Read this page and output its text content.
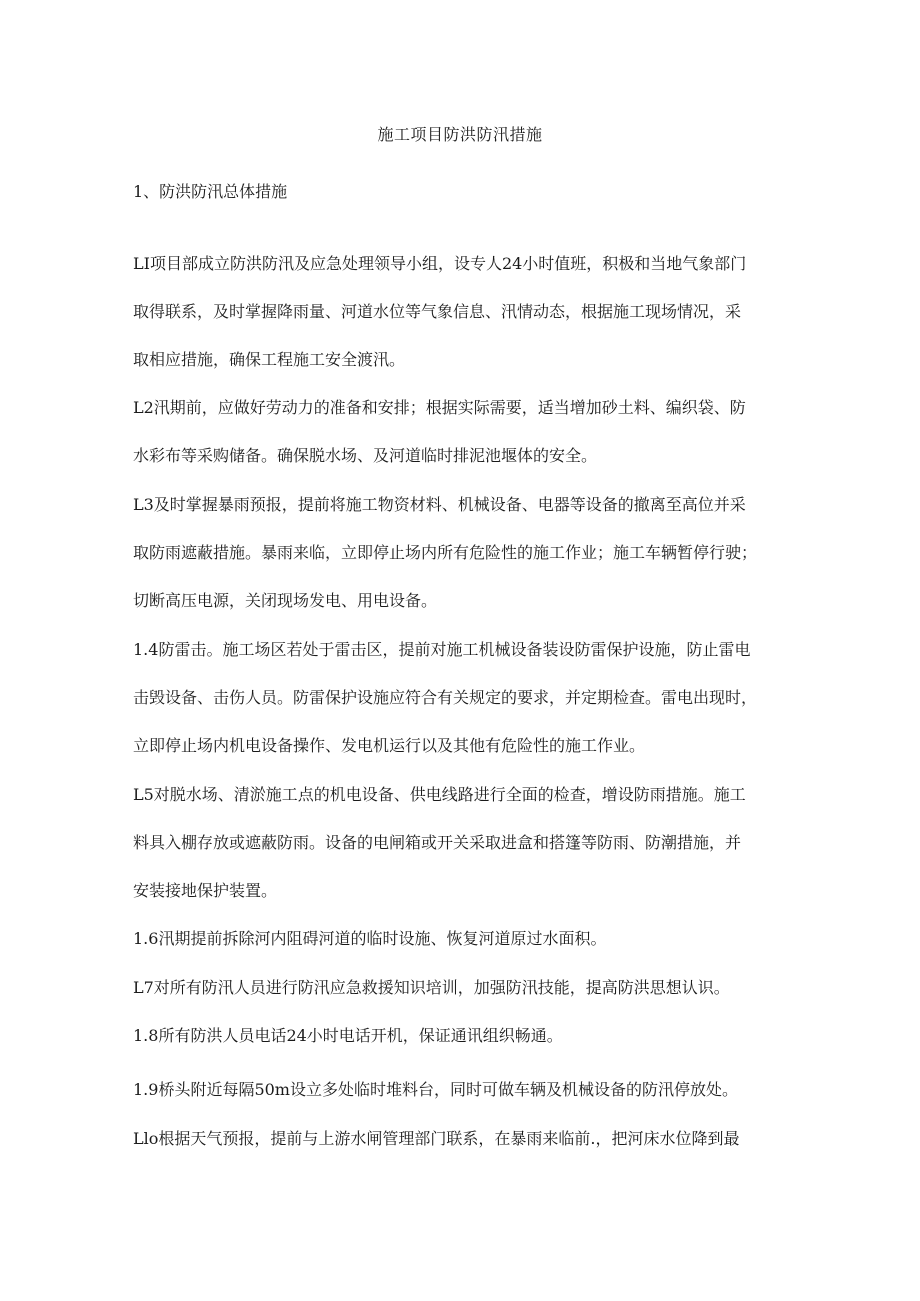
施工项目防洪防汛措施
1、防洪防汛总体措施

LI项目部成立防洪防汛及应急处理领导小组，设专人24小时值班，积极和当地气象部门
取得联系，及时掌握降雨量、河道水位等气象信息、汛情动态，根据施工现场情况，采
取相应措施，确保工程施工安全渡汛。

L2汛期前，应做好劳动力的准备和安排；根据实际需要，适当增加砂土料、编织袋、防
水彩布等采购储备。确保脱水场、及河道临时排泥池堰体的安全。

L3及时掌握暴雨预报，提前将施工物资材料、机械设备、电器等设备的撤离至高位并采
取防雨遮蔽措施。暴雨来临，立即停止场内所有危险性的施工作业；施工车辆暂停行驶；
切断高压电源，关闭现场发电、用电设备。

1.4防雷击。施工场区若处于雷击区，提前对施工机械设备装设防雷保护设施，防止雷电
击毁设备、击伤人员。防雷保护设施应符合有关规定的要求，并定期检查。雷电出现时，
立即停止场内机电设备操作、发电机运行以及其他有危险性的施工作业。

L5对脱水场、清淤施工点的机电设备、供电线路进行全面的检查，增设防雨措施。施工
料具入棚存放或遮蔽防雨。设备的电闸箱或开关采取进盒和搭篷等防雨、防潮措施，并
安装接地保护装置。

1.6汛期提前拆除河内阻碍河道的临时设施、恢复河道原过水面积。

L7对所有防汛人员进行防汛应急救援知识培训，加强防汛技能，提高防洪思想认识。

1.8所有防洪人员电话24小时电话开机，保证通讯组织畅通。

1.9桥头附近每隔50m设立多处临时堆料台，同时可做车辆及机械设备的防汛停放处。

Llo根据天气预报，提前与上游水闸管理部门联系，在暴雨来临前.，把河床水位降到最
